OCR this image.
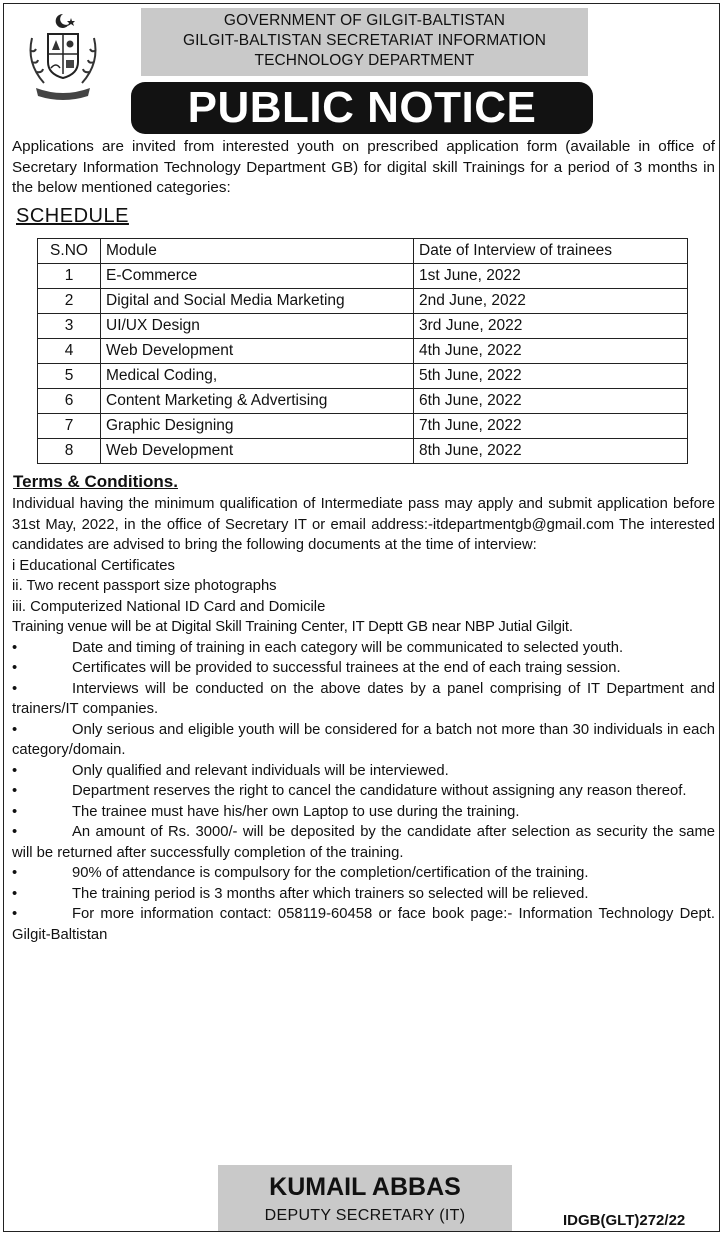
GOVERNMENT OF GILGIT-BALTISTAN
GILGIT-BALTISTAN SECRETARIAT INFORMATION
TECHNOLOGY DEPARTMENT
PUBLIC NOTICE
Applications are invited from interested youth on prescribed application form (available in office of Secretary Information Technology Department GB) for digital skill Trainings for a period of 3 months in the below mentioned categories:
SCHEDULE
S.NO	Module	Date of Interview of trainees
1	E-Commerce	1st June, 2022
2	Digital and Social Media Marketing	2nd June, 2022
3	UI/UX Design	3rd June, 2022
4	Web Development	4th June, 2022
5	Medical Coding,	5th June, 2022
6	Content Marketing & Advertising	6th June, 2022
7	Graphic Designing	7th June, 2022
8	Web Development	8th June, 2022
Terms & Conditions.

Individual having the minimum qualification of Intermediate pass may apply and submit application before 31st May, 2022, in the office of Secretary IT or email address:-itdepartmentgb@gmail.com The interested candidates are advised to bring the following documents at the time of interview:

i Educational Certificates

ii. Two recent passport size photographs

iii. Computerized National ID Card and Domicile

Training venue will be at Digital Skill Training Center, IT Deptt GB near NBP Jutial Gilgit.

•	Date and timing of training in each category will be communicated to selected youth.

•	Certificates will be provided to successful trainees at the end of each traing session.

•	Interviews will be conducted on the above dates by a panel comprising of IT Department and trainers/IT companies.

•	Only serious and eligible youth will be considered for a batch not more than 30 individuals in each category/domain.

•	Only qualified and relevant individuals will be interviewed.

•	Department reserves the right to cancel the candidature without assigning any reason thereof.

•	The trainee must have his/her own Laptop to use during the training.

•	An amount of Rs. 3000/- will be deposited by the candidate after selection as security the same will be returned after successfully completion of the training.

•	90% of attendance is compulsory for the completion/certification of the training.

•	The training period is 3 months after which trainers so selected will be relieved.

•	For more information contact: 058119-60458 or face book page:- Information Technology Dept. Gilgit-Baltistan

KUMAIL ABBAS
DEPUTY SECRETARY (IT)	IDGB(GLT)272/22
